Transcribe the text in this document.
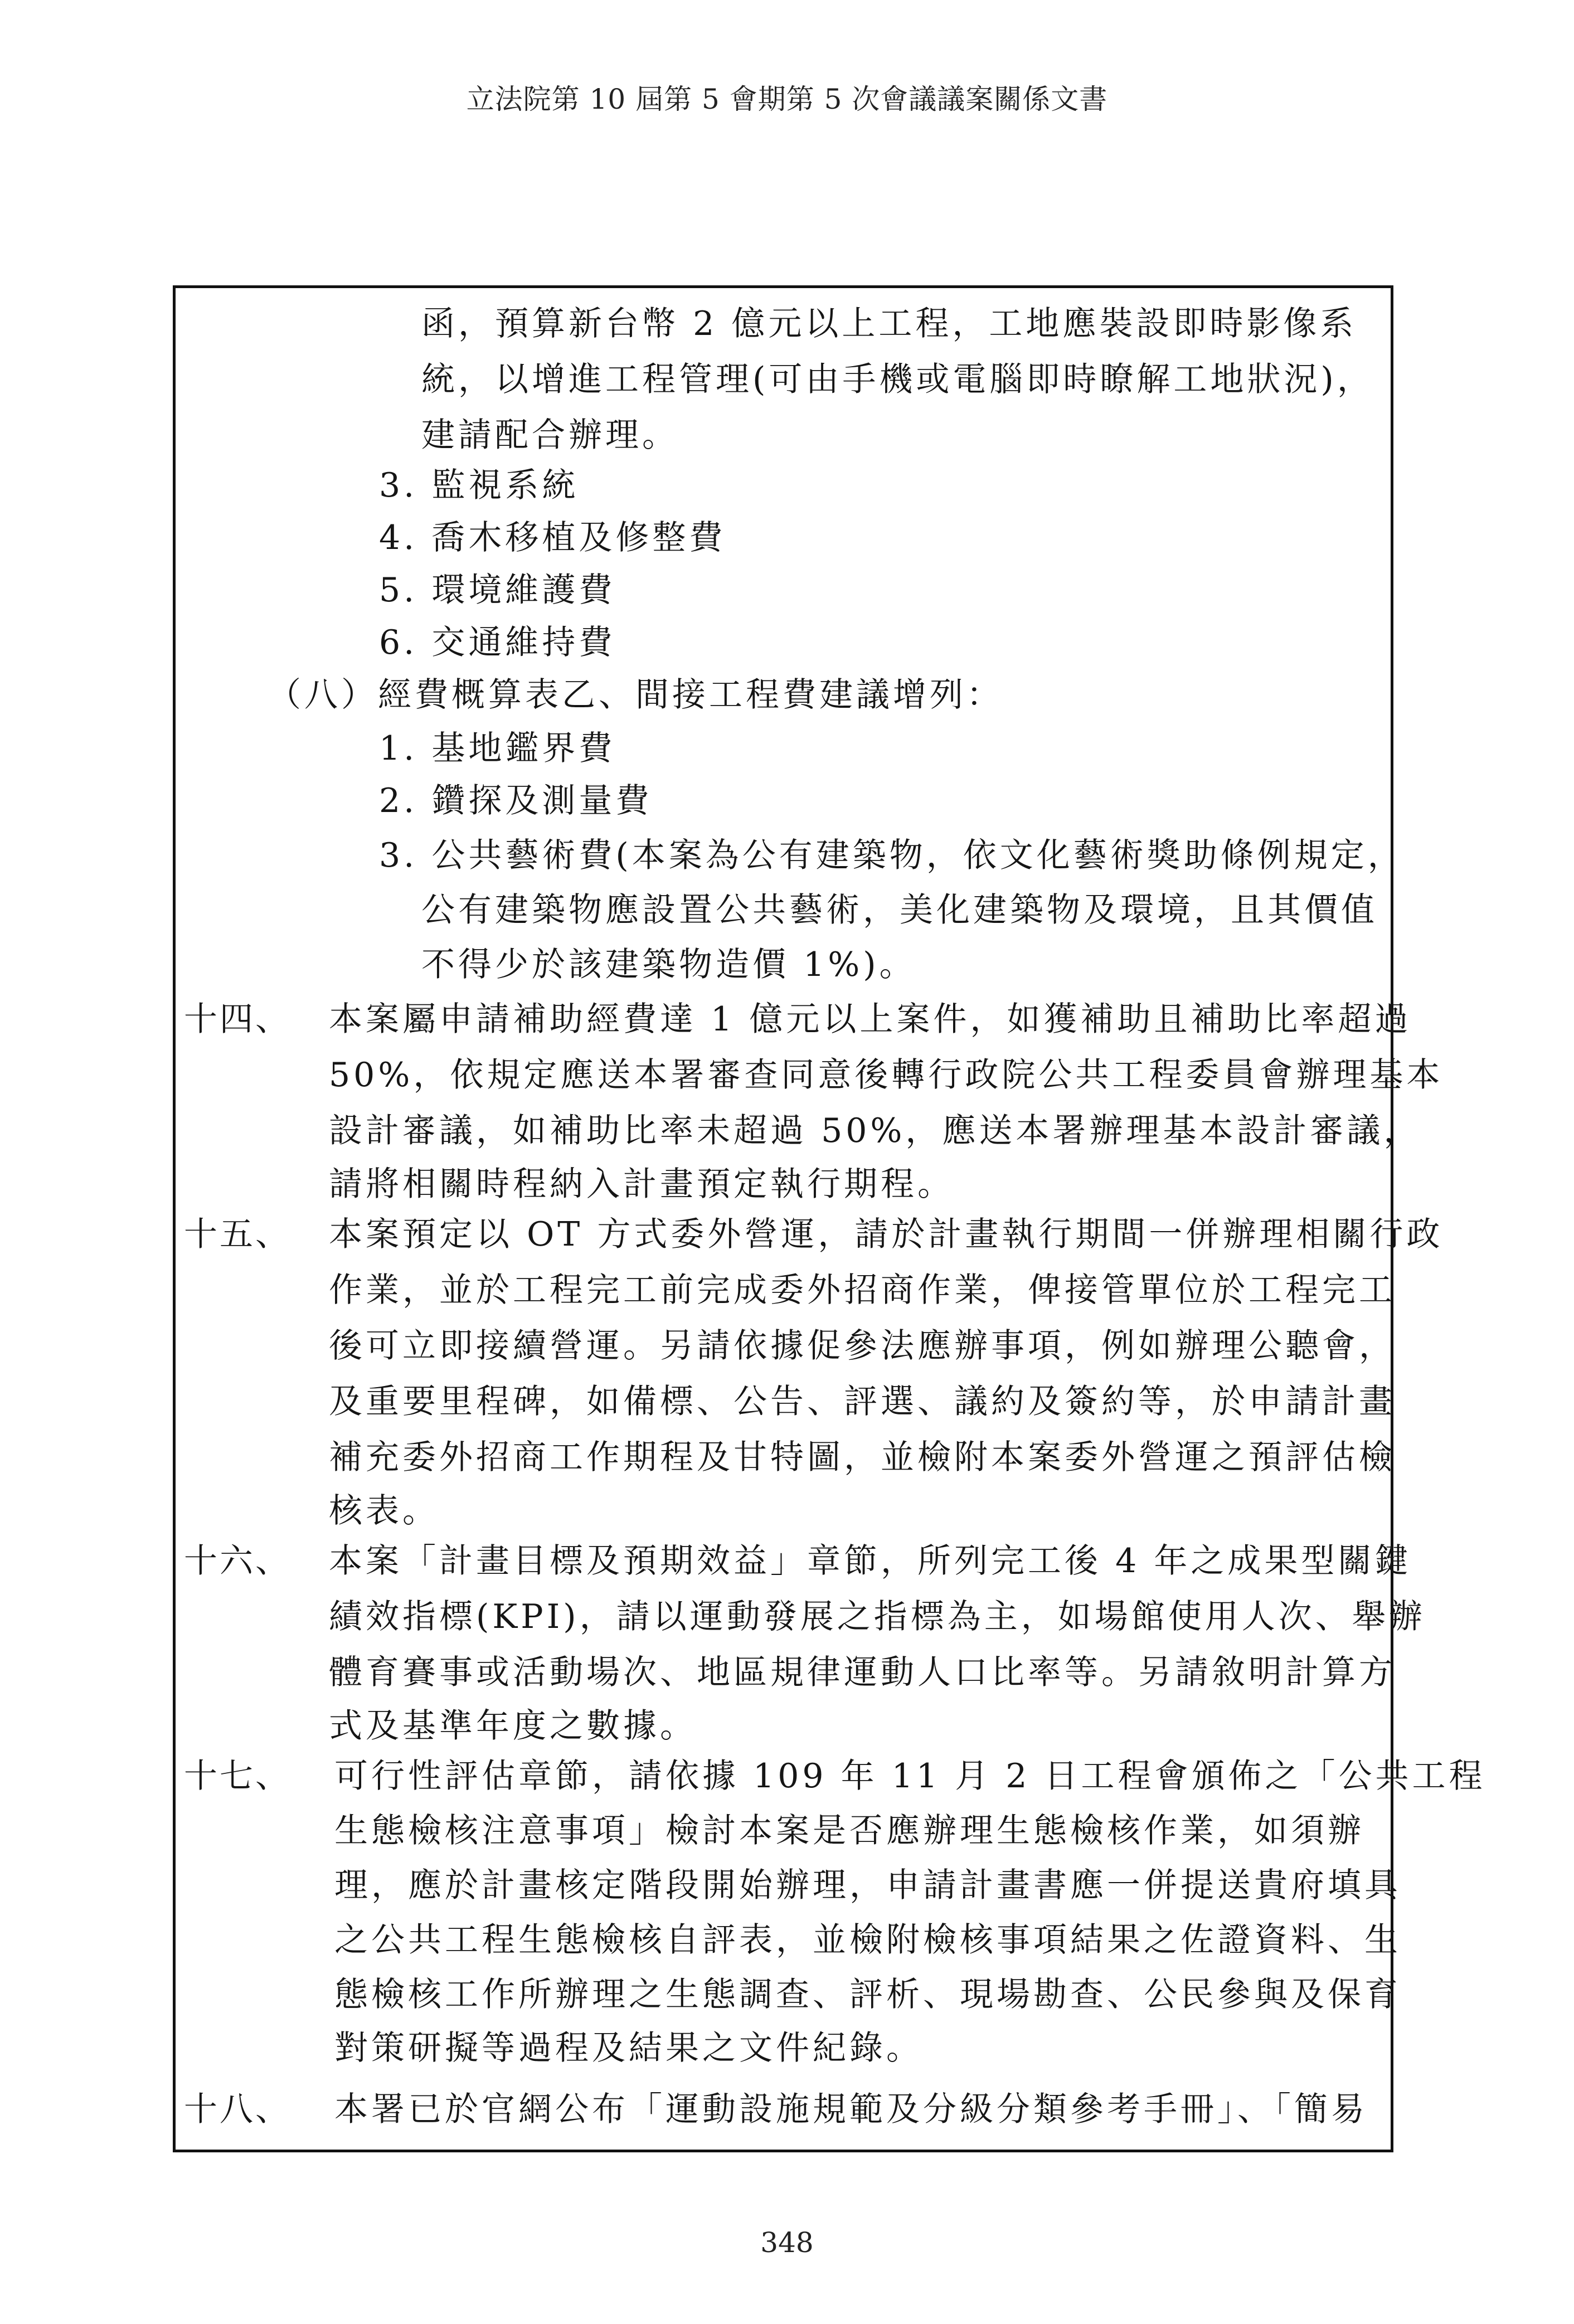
立法院第 10 屆第 5 會期第 5 次會議議案關係文書
函，預算新台幣 2 億元以上工程，工地應裝設即時影像系
統，以增進工程管理(可由手機或電腦即時瞭解工地狀況)，
建請配合辦理。
3. 監視系統
4. 喬木移植及修整費
5. 環境維護費
6. 交通維持費
（八）經費概算表乙、間接工程費建議增列：
1. 基地鑑界費
2. 鑽探及測量費
3. 公共藝術費(本案為公有建築物，依文化藝術獎助條例規定，
公有建築物應設置公共藝術，美化建築物及環境，且其價值
不得少於該建築物造價 1%)。
十四、 本案屬申請補助經費達 1 億元以上案件，如獲補助且補助比率超過
50%，依規定應送本署審查同意後轉行政院公共工程委員會辦理基本
設計審議，如補助比率未超過 50%，應送本署辦理基本設計審議，
請將相關時程納入計畫預定執行期程。
十五、 本案預定以 OT 方式委外營運，請於計畫執行期間一併辦理相關行政
作業，並於工程完工前完成委外招商作業，俾接管單位於工程完工
後可立即接續營運。另請依據促參法應辦事項，例如辦理公聽會，
及重要里程碑，如備標、公告、評選、議約及簽約等，於申請計畫
補充委外招商工作期程及甘特圖，並檢附本案委外營運之預評估檢
核表。
十六、 本案「計畫目標及預期效益」章節，所列完工後 4 年之成果型關鍵
績效指標(KPI)，請以運動發展之指標為主，如場館使用人次、舉辦
體育賽事或活動場次、地區規律運動人口比率等。另請敘明計算方
式及基準年度之數據。
十七、 可行性評估章節，請依據 109 年 11 月 2 日工程會頒佈之「公共工程
生態檢核注意事項」檢討本案是否應辦理生態檢核作業，如須辦
理，應於計畫核定階段開始辦理，申請計畫書應一併提送貴府填具
之公共工程生態檢核自評表，並檢附檢核事項結果之佐證資料、生
態檢核工作所辦理之生態調查、評析、現場勘查、公民參與及保育
對策研擬等過程及結果之文件紀錄。
十八、 本署已於官網公布「運動設施規範及分級分類參考手冊」、「簡易
348
